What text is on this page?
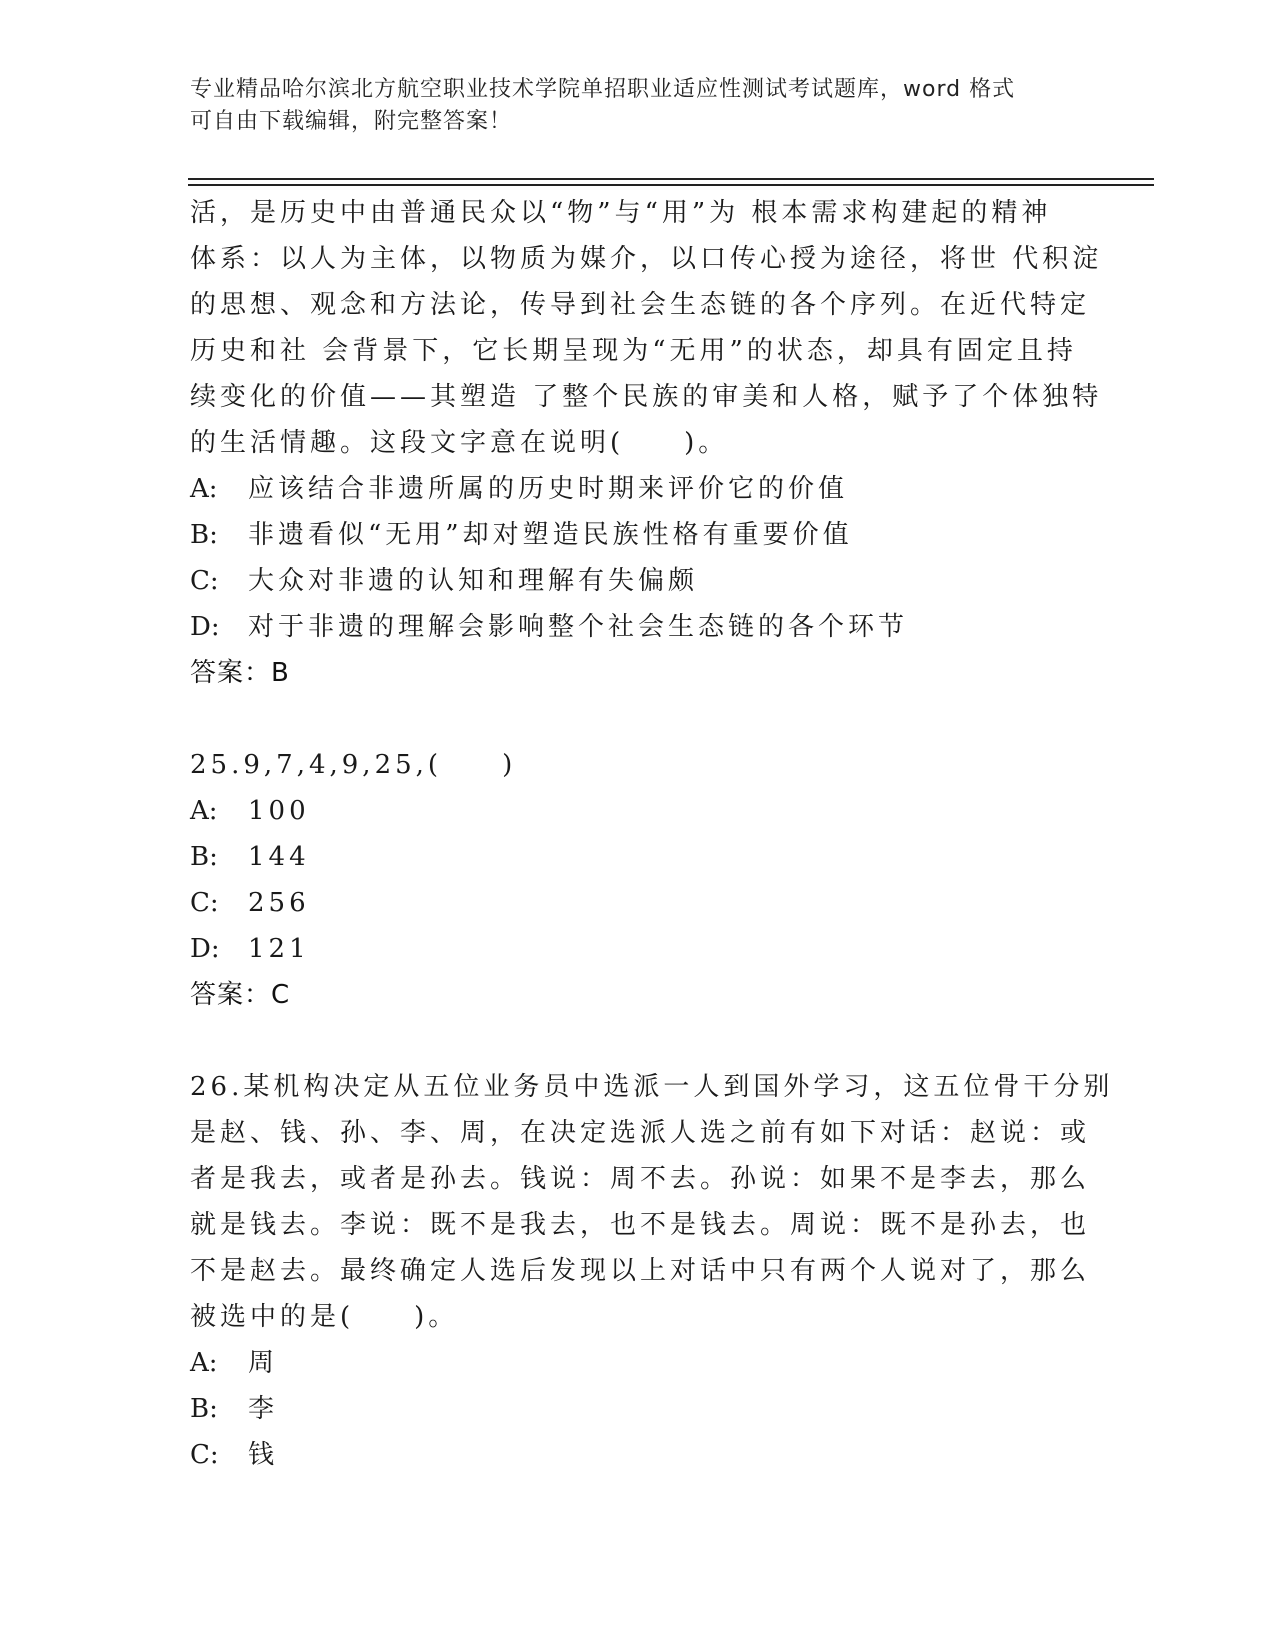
专业精品哈尔滨北方航空职业技术学院单招职业适应性测试考试题库，word 格式
可自由下载编辑，附完整答案！
活，是历史中由普通民众以“物”与“用”为 根本需求构建起的精神
体系：以人为主体，以物质为媒介，以口传心授为途径，将世 代积淀
的思想、观念和方法论，传导到社会生态链的各个序列。在近代特定
历史和社 会背景下，它长期呈现为“无用”的状态，却具有固定且持
续变化的价值——其塑造 了整个民族的审美和人格，赋予了个体独特
的生活情趣。这段文字意在说明(　　)。
A: 应该结合非遗所属的历史时期来评价它的价值
B: 非遗看似“无用”却对塑造民族性格有重要价值
C: 大众对非遗的认知和理解有失偏颇
D: 对于非遗的理解会影响整个社会生态链的各个环节
答案：B
25.9,7,4,9,25,(　　)
A: 100
B: 144
C: 256
D: 121
答案：C
26.某机构决定从五位业务员中选派一人到国外学习，这五位骨干分别
是赵、钱、孙、李、周，在决定选派人选之前有如下对话：赵说：或
者是我去，或者是孙去。钱说：周不去。孙说：如果不是李去，那么
就是钱去。李说：既不是我去，也不是钱去。周说：既不是孙去，也
不是赵去。最终确定人选后发现以上对话中只有两个人说对了，那么
被选中的是(　　)。
A: 周
B: 李
C: 钱
